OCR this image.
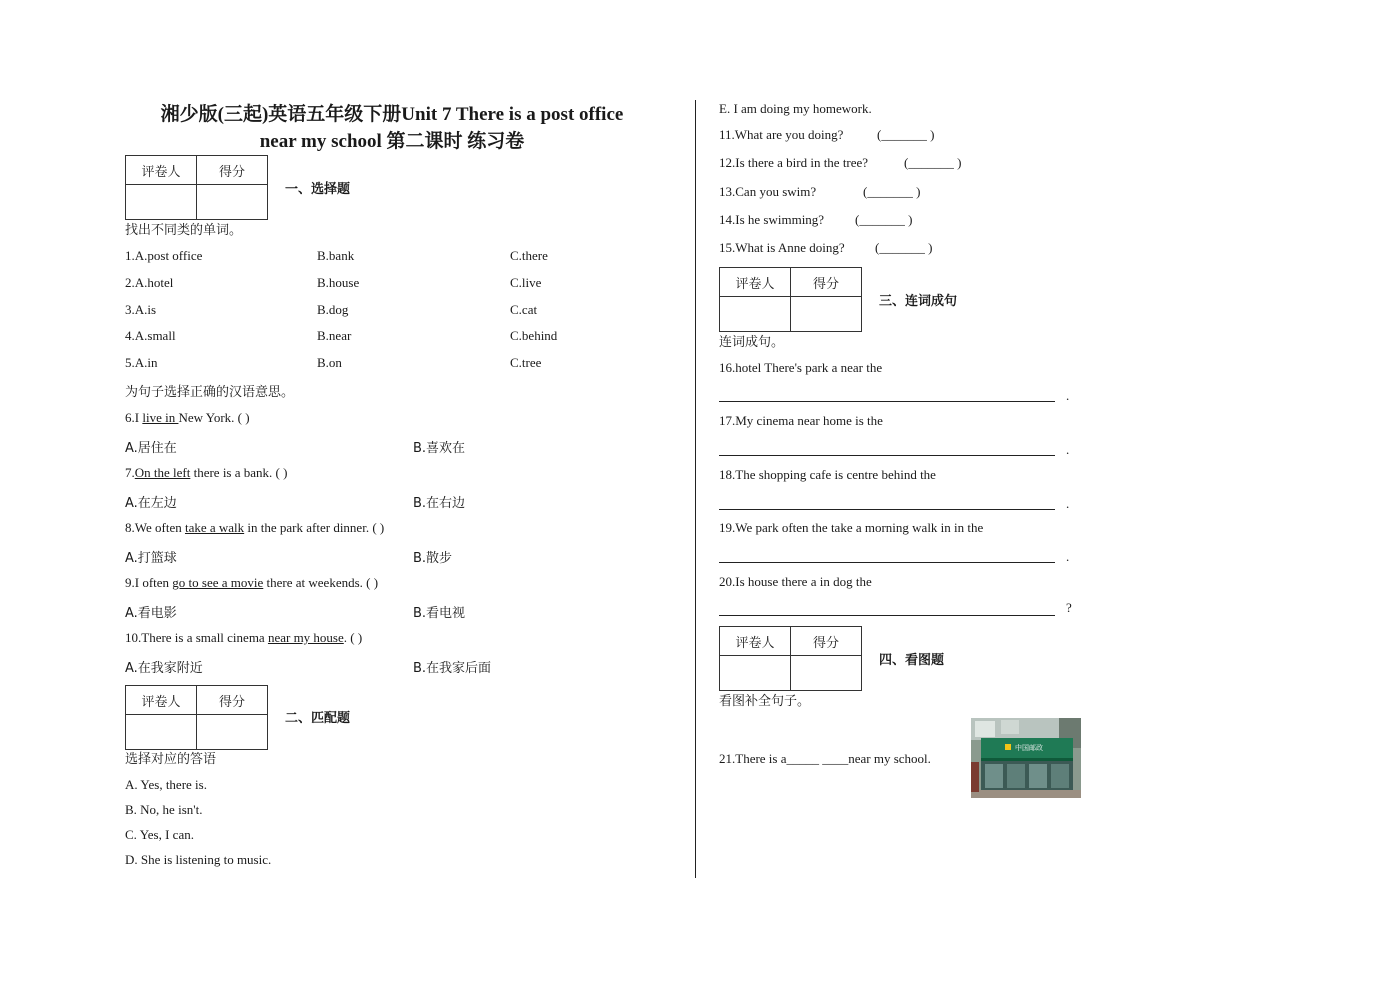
湘少版(三起)英语五年级下册Unit 7 There is a post office
near my school 第二课时 练习卷
评卷人	得分

一、选择题
找出不同类的单词。
1.A.post office	B.bank	C.there
2.A.hotel	B.house	C.live
3.A.is	B.dog	C.cat
4.A.small	B.near	C.behind
5.A.in	B.on	C.tree
为句子选择正确的汉语意思。
6.I live in New York. ( )
A.居住在	B.喜欢在
7.On the left there is a bank. ( )
A.在左边	B.在右边
8.We often take a walk in the park after dinner. ( )
A.打篮球	B.散步
9.I often go to see a movie there at weekends. ( )
A.看电影	B.看电视
10.There is a small cinema near my house. ( )
A.在我家附近	B.在我家后面
评卷人	得分

二、匹配题
选择对应的答语
A. Yes, there is.
B. No, he isn't.
C. Yes, I can.
D. She is listening to music.
E. I am doing my homework.
11.What are you doing?	(_______ )
12.Is there a bird in the tree?	(_______ )
13.Can you swim?	(_______ )
14.Is he swimming? (_______ )
15.What is Anne doing? (_______ )
评卷人	得分

三、连词成句
连词成句。
16.hotel There's park a near the
.
17.My cinema near home is the
.
18.The shopping cafe is centre behind the
.
19.We park often the take a morning walk in in the
.
20.Is house there a in dog the
?
评卷人	得分

四、看图题
看图补全句子。
21.There is a_____ ____near my school.
中国邮政
